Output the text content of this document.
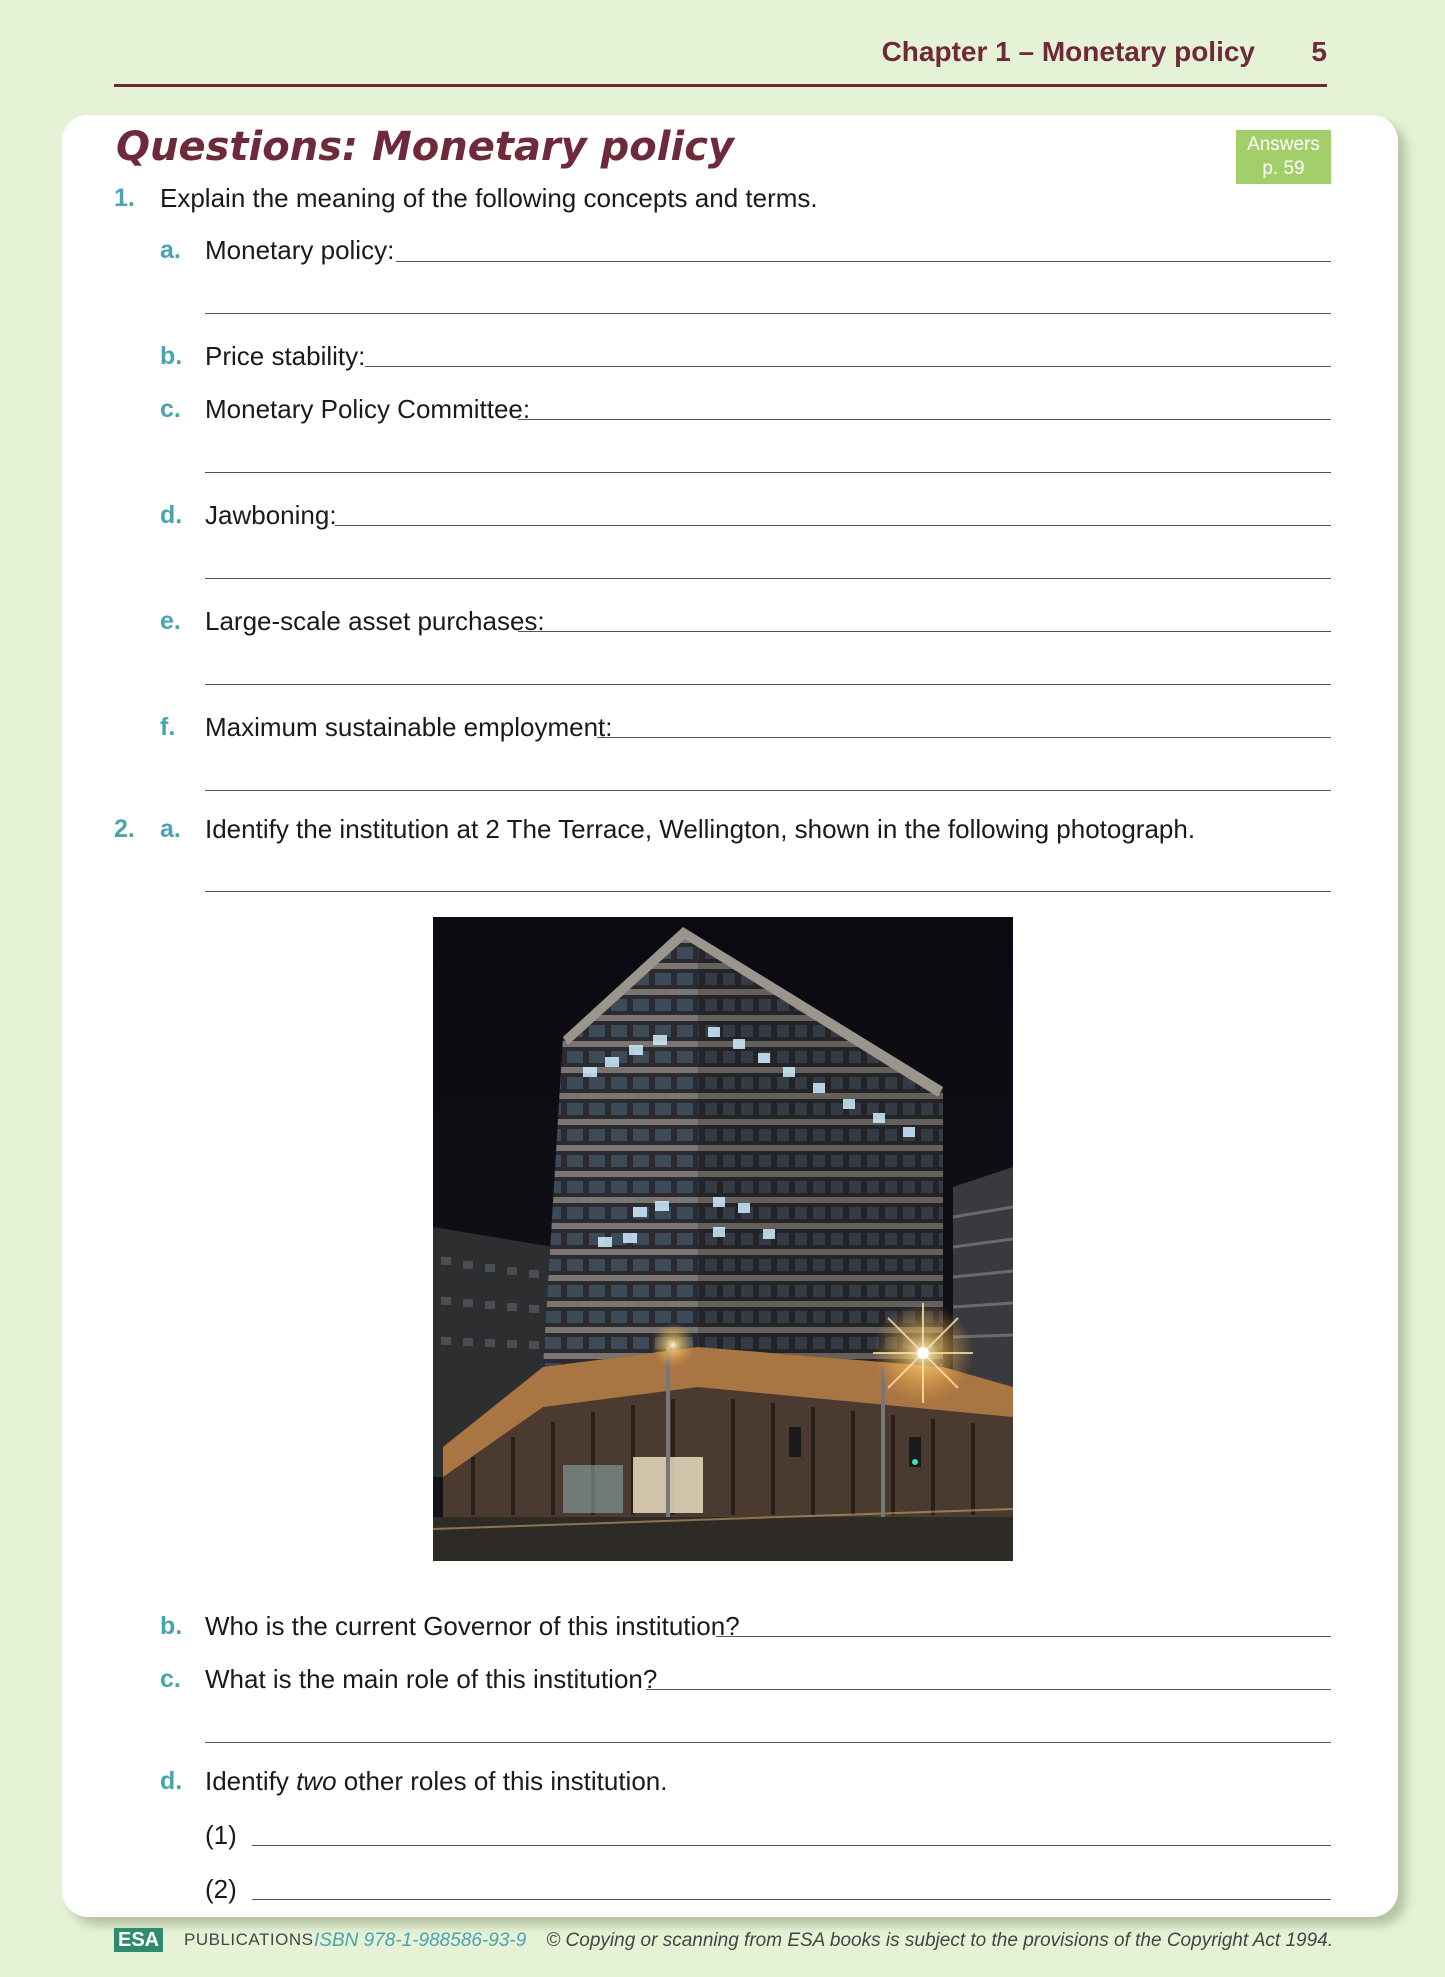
Chapter 1 – Monetary policy 5
Questions: Monetary policy	Answers
p. 59
1. Explain the meaning of the following concepts and terms.
a. Monetary policy:
b. Price stability:
c. Monetary Policy Committee:
d. Jawboning:
e. Large-scale asset purchases:
f. Maximum sustainable employment:
2. a. Identify the institution at 2 The Terrace, Wellington, shown in the following photograph.
b. Who is the current Governor of this institution?
c. What is the main role of this institution?
d. Identify two other roles of this institution.
(1)
(2)
ESA PUBLICATIONS ISBN 978-1-988586-93-9 © Copying or scanning from ESA books is subject to the provisions of the Copyright Act 1994.
